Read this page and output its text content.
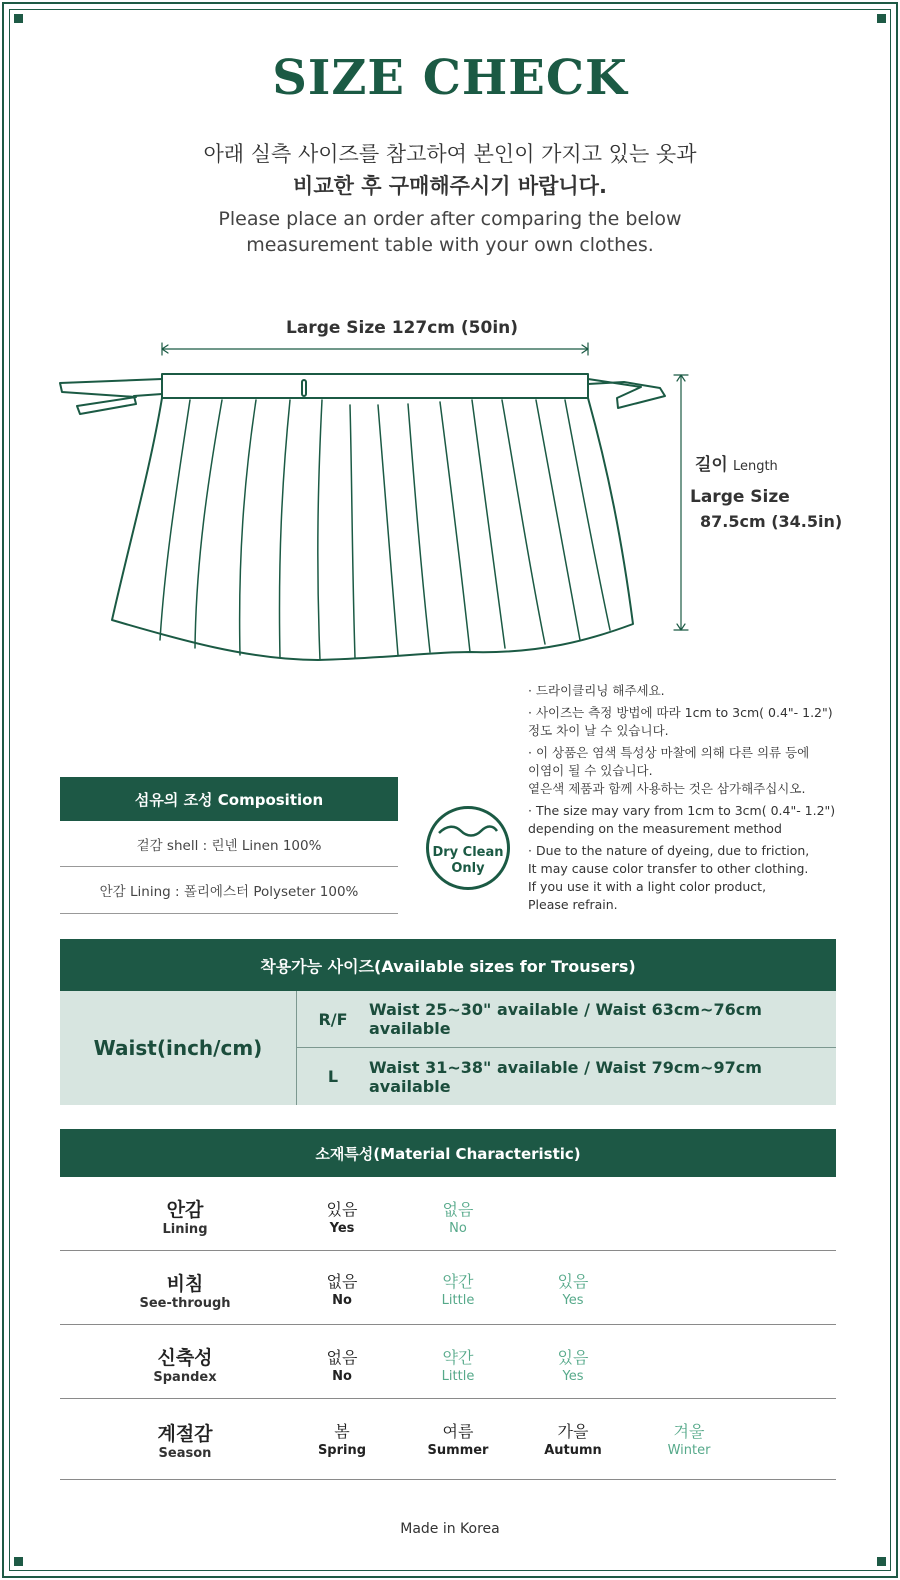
SIZE CHECK
아래 실측 사이즈를 참고하여 본인이 가지고 있는 옷과
비교한 후 구매해주시기 바랍니다.
Please place an order after comparing the below
measurement table with your own clothes.
Large Size 127cm (50in)
길이 Length
Large Size
87.5cm (34.5in)
· 드라이클리닝 해주세요.
· 사이즈는 측정 방법에 따라 1cm to 3cm( 0.4"- 1.2")
정도 차이 날 수 있습니다.
· 이 상품은 염색 특성상 마찰에 의해 다른 의류 등에
이염이 될 수 있습니다.
옅은색 제품과 함께 사용하는 것은 삼가해주십시오.
· The size may vary from 1cm to 3cm( 0.4"- 1.2")
depending on the measurement method
· Due to the nature of dyeing, due to friction,
It may cause color transfer to other clothing.
If you use it with a light color product,
Please refrain.
섬유의 조성 Composition
겉감 shell : 린넨 Linen 100%
안감 Lining : 폴리에스터 Polyseter 100%
Dry Clean
Only
착용가능 사이즈(Available sizes for Trousers)
Waist(inch/cm)
R/F	Waist 25~30" available / Waist 63cm~76cm available
L	Waist 31~38" available / Waist 79cm~97cm available
소재특성(Material Characteristic)
안감
Lining
있음
Yes
없음
No
비침
See-through
없음
No
약간
Little
있음
Yes
신축성
Spandex
없음
No
약간
Little
있음
Yes
계절감
Season
봄
Spring
여름
Summer
가을
Autumn
겨울
Winter
Made in Korea
